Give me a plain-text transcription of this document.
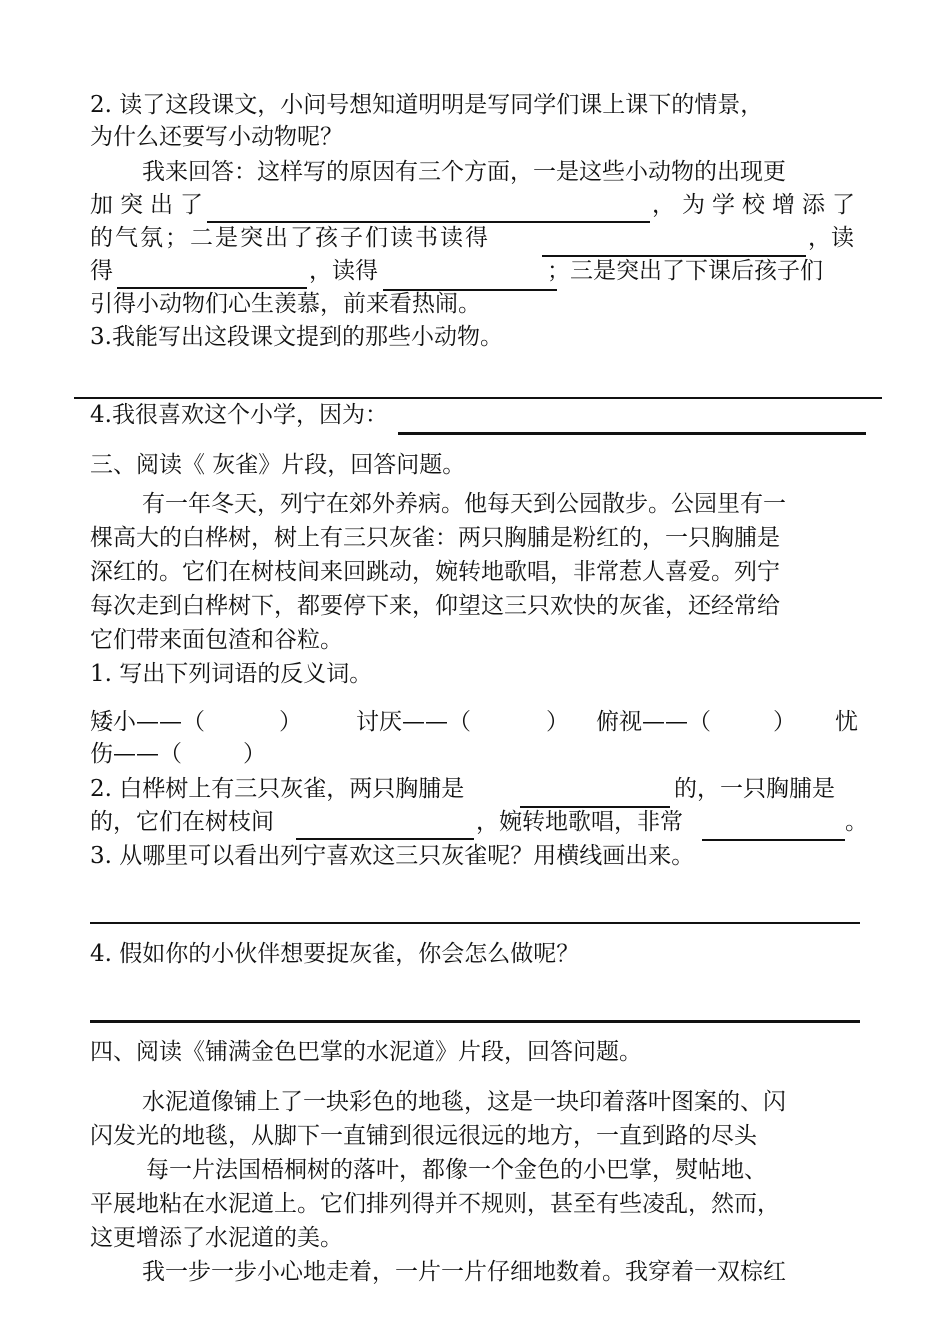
2. 读了这段课文，小问号想知道明明是写同学们课上课下的情景，
为什么还要写小动物呢？
我来回答：这样写的原因有三个方面，一是这些小动物的出现更
加突出了	，为学校增添了
的气氛；二是突出了孩子们读书读得	，读
得	，读得	；三是突出了下课后孩子们
引得小动物们心生羡慕，前来看热闹。
3.我能写出这段课文提到的那些小动物。
4.我很喜欢这个小学，因为：
三、阅读《 灰雀》片段，回答问题。
有一年冬天，列宁在郊外养病。他每天到公园散步。公园里有一
棵高大的白桦树，树上有三只灰雀：两只胸脯是粉红的，一只胸脯是
深红的。它们在树枝间来回跳动，婉转地歌唱，非常惹人喜爱。列宁
每次走到白桦树下，都要停下来，仰望这三只欢快的灰雀，还经常给
它们带来面包渣和谷粒。
1. 写出下列词语的反义词。
矮小——（	） 讨厌——（	） 俯视——（	） 忧
伤——（	）
2. 白桦树上有三只灰雀，两只胸脯是	的，一只胸脯是
的，它们在树枝间	，婉转地歌唱，非常	。
3. 从哪里可以看出列宁喜欢这三只灰雀呢？用横线画出来。
4. 假如你的小伙伴想要捉灰雀，你会怎么做呢？
四、阅读《铺满金色巴掌的水泥道》片段，回答问题。
水泥道像铺上了一块彩色的地毯，这是一块印着落叶图案的、闪
闪发光的地毯，从脚下一直铺到很远很远的地方，一直到路的尽头
每一片法国梧桐树的落叶，都像一个金色的小巴掌，熨帖地、
平展地粘在水泥道上。它们排列得并不规则，甚至有些凌乱，然而，
这更增添了水泥道的美。
我一步一步小心地走着，一片一片仔细地数着。我穿着一双棕红
